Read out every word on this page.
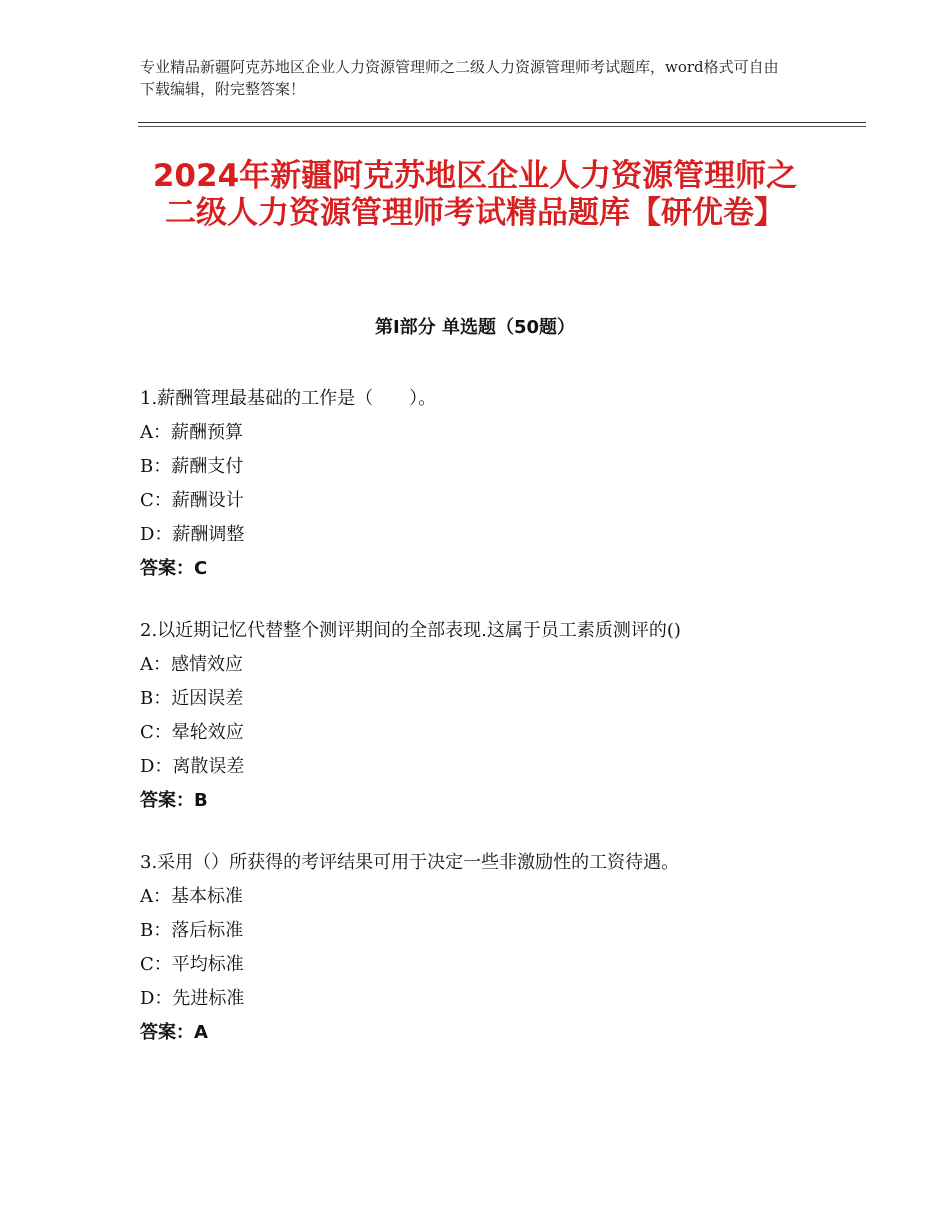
专业精品新疆阿克苏地区企业人力资源管理师之二级人力资源管理师考试题库，word格式可自由下载编辑，附完整答案！
2024年新疆阿克苏地区企业人力资源管理师之二级人力资源管理师考试精品题库【研优卷】
第Ⅰ部分 单选题（50题）
1.薪酬管理最基础的工作是（　　）。
A：薪酬预算
B：薪酬支付
C：薪酬设计
D：薪酬调整
答案：C
2.以近期记忆代替整个测评期间的全部表现.这属于员工素质测评的()
A：感情效应
B：近因误差
C：晕轮效应
D：离散误差
答案：B
3.采用（）所获得的考评结果可用于决定一些非激励性的工资待遇。
A：基本标准
B：落后标准
C：平均标准
D：先进标准
答案：A
